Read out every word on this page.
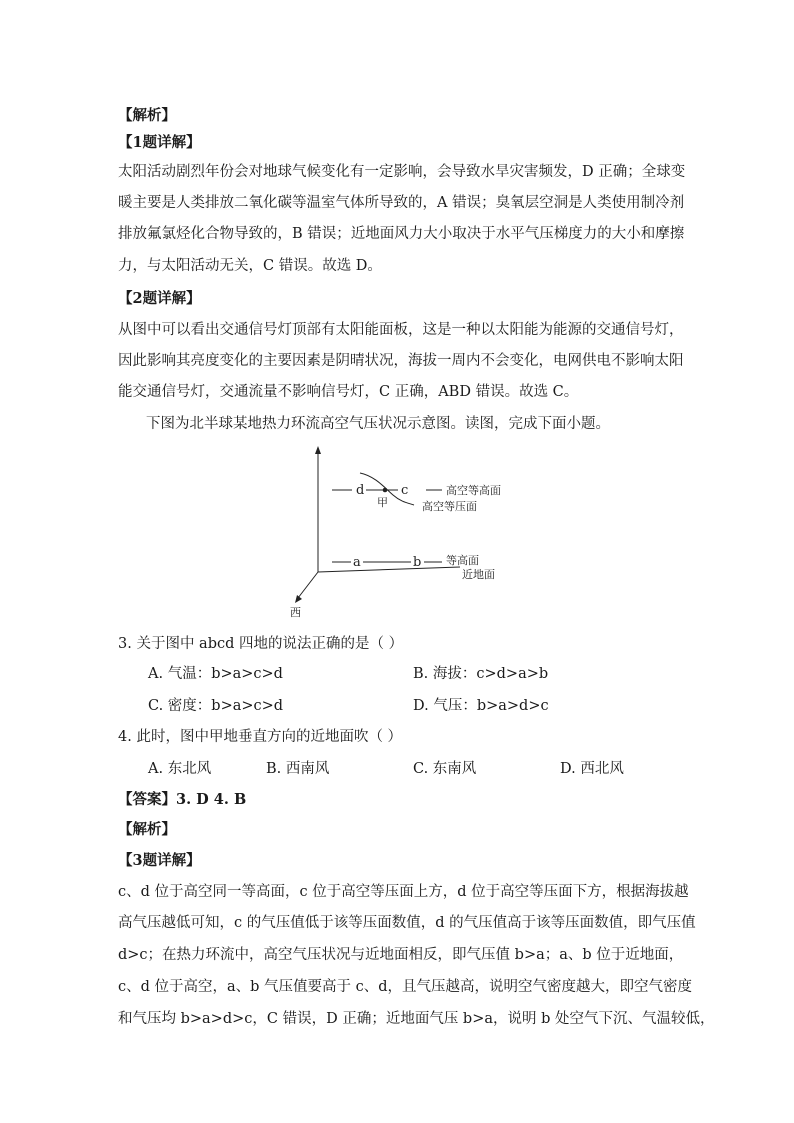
【解析】
【1题详解】
太阳活动剧烈年份会对地球气候变化有一定影响，会导致水旱灾害频发，D 正确；全球变
暖主要是人类排放二氧化碳等温室气体所导致的，A 错误；臭氧层空洞是人类使用制冷剂
排放氟氯烃化合物导致的，B 错误；近地面风力大小取决于水平气压梯度力的大小和摩擦
力，与太阳活动无关，C 错误。故选 D。
【2题详解】
从图中可以看出交通信号灯顶部有太阳能面板，这是一种以太阳能为能源的交通信号灯，
因此影响其亮度变化的主要因素是阴晴状况，海拔一周内不会变化，电网供电不影响太阳
能交通信号灯，交通流量不影响信号灯，C 正确，ABD 错误。故选 C。
下图为北半球某地热力环流高空气压状况示意图。读图，完成下面小题。
d	c
甲
高空等高面
高空等压面
a	b 等高面
近地面
西
3. 关于图中 abcd 四地的说法正确的是（ ）
A. 气温：b>a>c>d	B. 海拔：c>d>a>b
C. 密度：b>a>c>d	D. 气压：b>a>d>c
4. 此时，图中甲地垂直方向的近地面吹（ ）
A. 东北风	B. 西南风	C. 东南风	D. 西北风
【答案】3. D 4. B
【解析】
【3题详解】
c、d 位于高空同一等高面，c 位于高空等压面上方，d 位于高空等压面下方，根据海拔越
高气压越低可知，c 的气压值低于该等压面数值，d 的气压值高于该等压面数值，即气压值
d>c；在热力环流中，高空气压状况与近地面相反，即气压值 b>a；a、b 位于近地面，
c、d 位于高空，a、b 气压值要高于 c、d，且气压越高，说明空气密度越大，即空气密度
和气压均 b>a>d>c，C 错误，D 正确；近地面气压 b>a，说明 b 处空气下沉、气温较低，
